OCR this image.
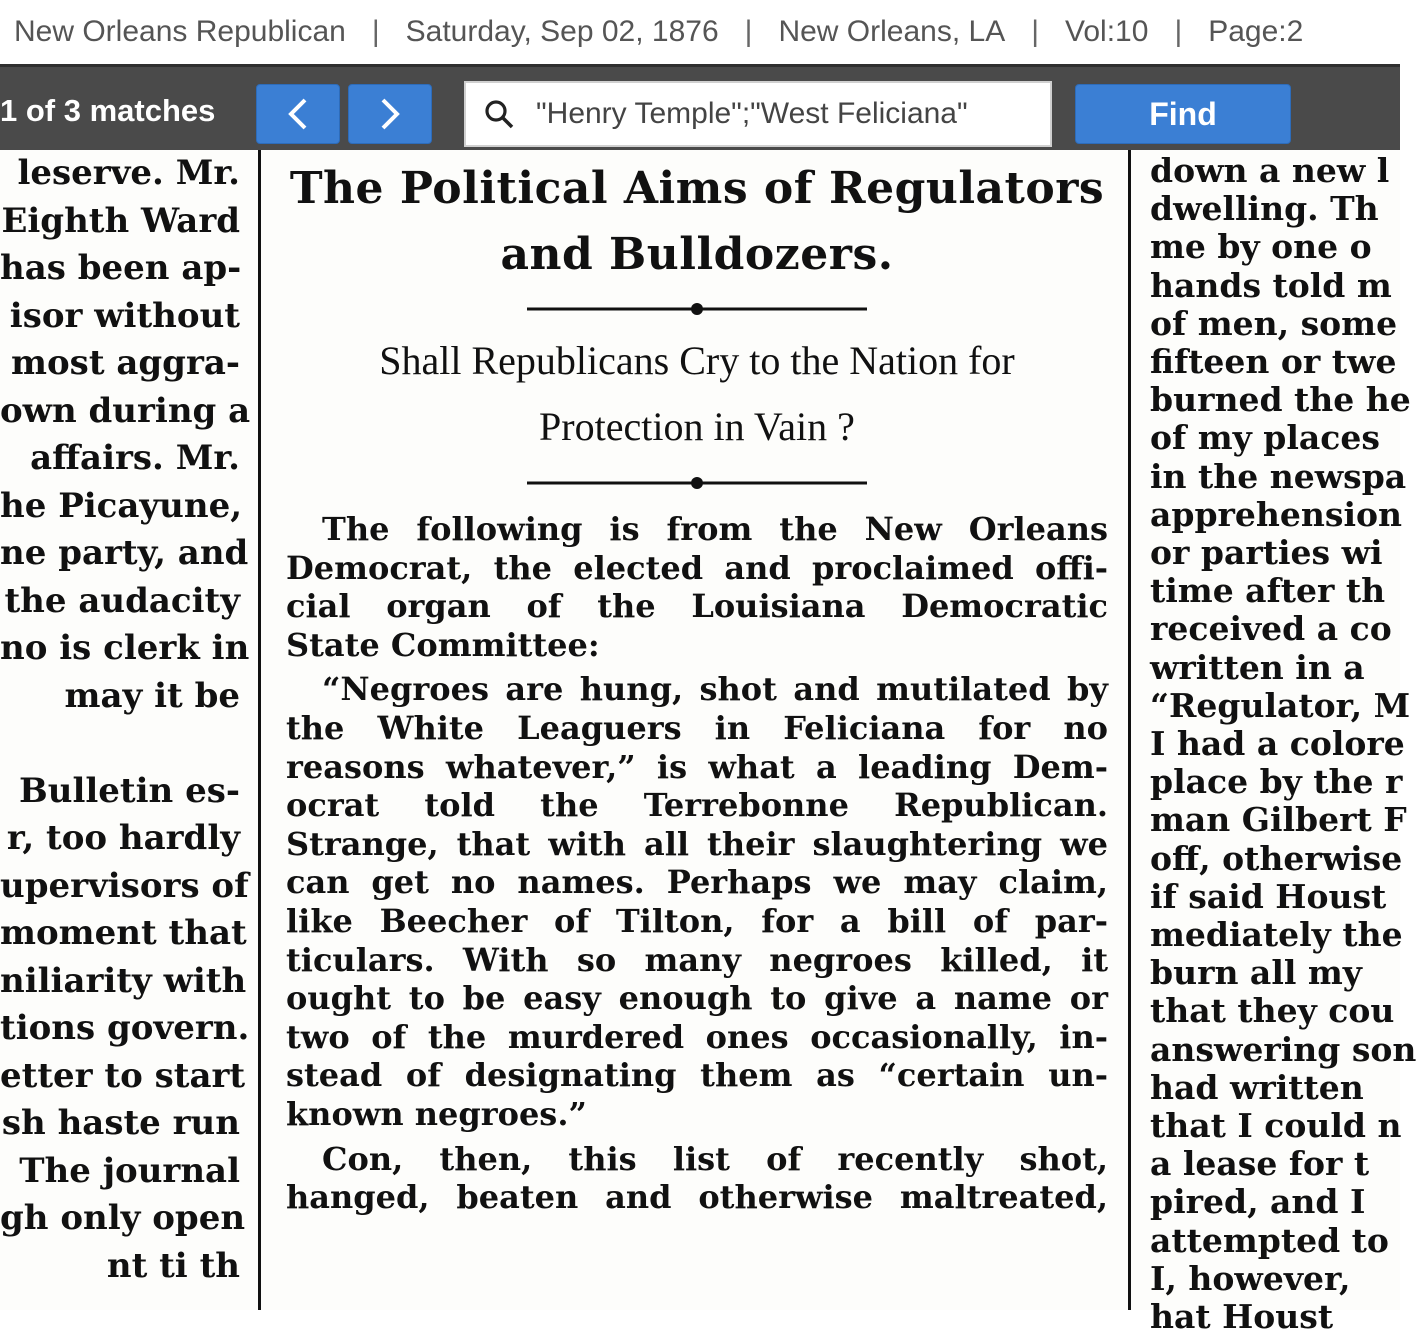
New Orleans Republican | Saturday, Sep 02, 1876 | New Orleans, LA | Vol:10 | Page:2
1 of 3 matches
"Henry Temple";"West Feliciana"	Find
leserve. Mr.
Eighth Ward
has been ap-
isor without
most aggra-
own during a
affairs. Mr.
he Picayune,
ne party, and
the audacity
no is clerk in
may it be

Bulletin es-
r, too hardly
upervisors of
moment that
niliarity with
tions govern.
etter to start
sh haste run
The journal
gh only open
nt ti th
The Political Aims of Regulators
and Bulldozers.
Shall Republicans Cry to the Nation for
Protection in Vain ?
The following is from the New Orleans
Democrat, the elected and proclaimed offi-
cial organ of the Louisiana Democratic
State Committee:
“Negroes are hung, shot and mutilated by
the White Leaguers in Feliciana for no
reasons whatever,” is what a leading Dem-
ocrat told the Terrebonne Republican.
Strange, that with all their slaughtering we
can get no names. Perhaps we may claim,
like Beecher of Tilton, for a bill of par-
ticulars. With so many negroes killed, it
ought to be easy enough to give a name or
two of the murdered ones occasionally, in-
stead of designating them as “certain un-
known negroes.”
Con, then, this list of recently shot,
hanged, beaten and otherwise maltreated,
down a new l
dwelling. Th
me by one o
hands told m
of men, some
fifteen or twe
burned the he
of my places
in the newspa
apprehension
or parties wi
time after th
received a co
written in a
“Regulator, M
I had a colore
place by the r
man Gilbert F
off, otherwise
if said Houst
mediately the
burn all my
that they cou
answering son
had written
that I could n
a lease for t
pired, and I
attempted to
I, however,
hat Houst
